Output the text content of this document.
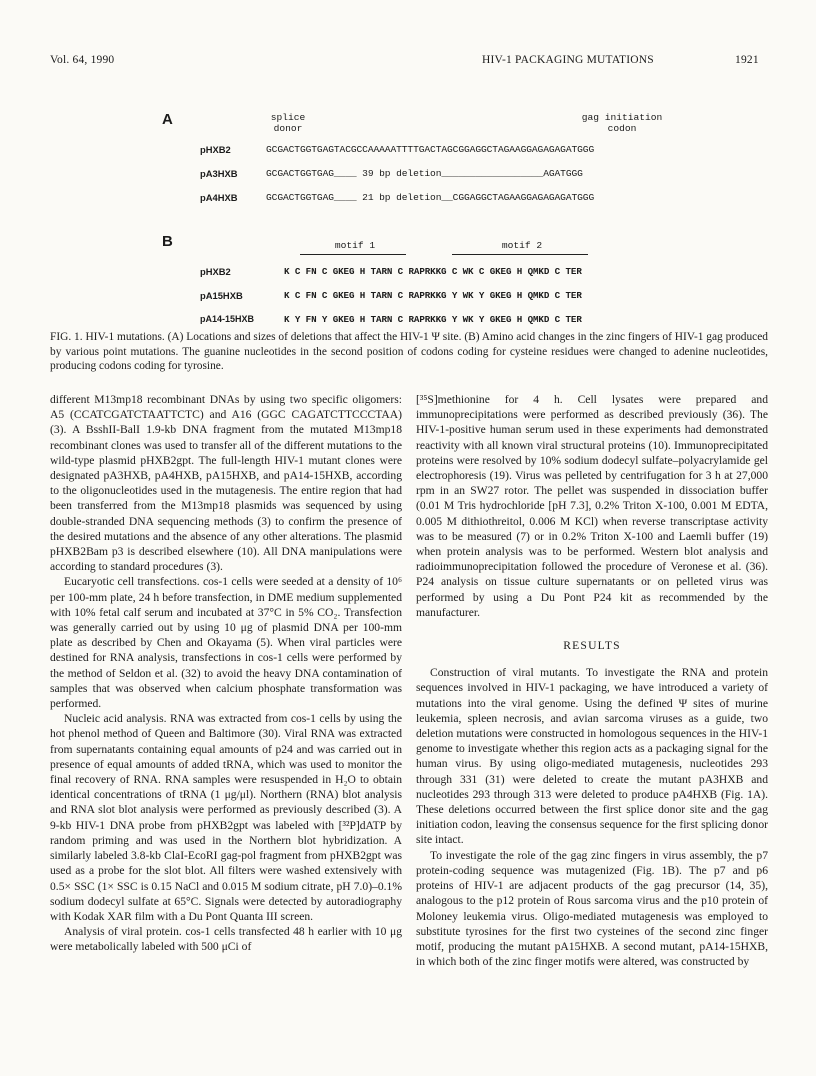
Vol. 64, 1990	HIV-1 PACKAGING MUTATIONS	1921
A	splice
donor
gag initiation
codon
pHXB2	GCGACTGGTGAGTACGCCAAAAATTTTGACTAGCGGAGGCTAGAAGGAGAGAGATGGG
pA3HXB	GCGACTGGTGAG____ 39 bp deletion__________________AGATGGG
pA4HXB	GCGACTGGTGAG____ 21 bp deletion__CGGAGGCTAGAAGGAGAGAGATGGG
B	motif 1	motif 2
pHXB2	K C FN C GKEG H TARN C RAPRKKG C WK C GKEG H QMKD C TER
pA15HXB	K C FN C GKEG H TARN C RAPRKKG Y WK Y GKEG H QMKD C TER
pA14-15HXB	K Y FN Y GKEG H TARN C RAPRKKG Y WK Y GKEG H QMKD C TER
FIG. 1. HIV-1 mutations. (A) Locations and sizes of deletions that affect the HIV-1 Ψ site. (B) Amino acid changes in the zinc fingers of HIV-1 gag produced by various point mutations. The guanine nucleotides in the second position of codons coding for cysteine residues were changed to adenine nucleotides, producing codons coding for tyrosine.

different M13mp18 recombinant DNAs by using two specific oligomers: A5 (CCATCGATCTAATTCTC) and A16 (GGC CAGATCTTCCCTAA) (3). A BsshII-BalI 1.9-kb DNA fragment from the mutated M13mp18 recombinant clones was used to transfer all of the different mutations to the wild-type plasmid pHXB2gpt. The full-length HIV-1 mutant clones were designated pA3HXB, pA4HXB, pA15HXB, and pA14-15HXB, according to the oligonucleotides used in the mutagenesis. The entire region that had been transferred from the M13mp18 plasmids was sequenced by using double-stranded DNA sequencing methods (3) to confirm the presence of the desired mutations and the absence of any other alterations. The plasmid pHXB2Bam p3 is described elsewhere (10). All DNA manipulations were according to standard procedures (3).

Eucaryotic cell transfections. cos-1 cells were seeded at a density of 10⁶ per 100-mm plate, 24 h before transfection, in DME medium supplemented with 10% fetal calf serum and incubated at 37°C in 5% CO₂. Transfection was generally carried out by using 10 μg of plasmid DNA per 100-mm plate as described by Chen and Okayama (5). When viral particles were destined for RNA analysis, transfections in cos-1 cells were performed by the method of Seldon et al. (32) to avoid the heavy DNA contamination of samples that was observed when calcium phosphate transformation was performed.

Nucleic acid analysis. RNA was extracted from cos-1 cells by using the hot phenol method of Queen and Baltimore (30). Viral RNA was extracted from supernatants containing equal amounts of p24 and was carried out in presence of equal amounts of added tRNA, which was used to monitor the final recovery of RNA. RNA samples were resuspended in H₂O to obtain identical concentrations of tRNA (1 μg/μl). Northern (RNA) blot analysis and RNA slot blot analysis were performed as previously described (3). A 9-kb HIV-1 DNA probe from pHXB2gpt was labeled with [³²P]dATP by random priming and was used in the Northern blot hybridization. A similarly labeled 3.8-kb ClaI-EcoRI gag-pol fragment from pHXB2gpt was used as a probe for the slot blot. All filters were washed extensively with 0.5× SSC (1× SSC is 0.15 NaCl and 0.015 M sodium citrate, pH 7.0)–0.1% sodium dodecyl sulfate at 65°C. Signals were detected by autoradiography with Kodak XAR film with a Du Pont Quanta III screen.

Analysis of viral protein. cos-1 cells transfected 48 h earlier with 10 μg were metabolically labeled with 500 μCi of

[³⁵S]methionine for 4 h. Cell lysates were prepared and immunoprecipitations were performed as described previously (36). The HIV-1-positive human serum used in these experiments had demonstrated reactivity with all known viral structural proteins (10). Immunoprecipitated proteins were resolved by 10% sodium dodecyl sulfate–polyacrylamide gel electrophoresis (19). Virus was pelleted by centrifugation for 3 h at 27,000 rpm in an SW27 rotor. The pellet was suspended in dissociation buffer (0.01 M Tris hydrochloride [pH 7.3], 0.2% Triton X-100, 0.001 M EDTA, 0.005 M dithiothreitol, 0.006 M KCl) when reverse transcriptase activity was to be measured (7) or in 0.2% Triton X-100 and Laemli buffer (19) when protein analysis was to be performed. Western blot analysis and radioimmunoprecipitation followed the procedure of Veronese et al. (36). P24 analysis on tissue culture supernatants or on pelleted virus was performed by using a Du Pont P24 kit as recommended by the manufacturer.

RESULTS

Construction of viral mutants. To investigate the RNA and protein sequences involved in HIV-1 packaging, we have introduced a variety of mutations into the viral genome. Using the defined Ψ sites of murine leukemia, spleen necrosis, and avian sarcoma viruses as a guide, two deletion mutations were constructed in homologous sequences in the HIV-1 genome to investigate whether this region acts as a packaging signal for the human virus. By using oligo-mediated mutagenesis, nucleotides 293 through 331 (31) were deleted to create the mutant pA3HXB and nucleotides 293 through 313 were deleted to produce pA4HXB (Fig. 1A). These deletions occurred between the first splice donor site and the gag initiation codon, leaving the consensus sequence for the first splicing donor site intact.

To investigate the role of the gag zinc fingers in virus assembly, the p7 protein-coding sequence was mutagenized (Fig. 1B). The p7 and p6 proteins of HIV-1 are adjacent products of the gag precursor (14, 35), analogous to the p12 protein of Rous sarcoma virus and the p10 protein of Moloney leukemia virus. Oligo-mediated mutagenesis was employed to substitute tyrosines for the first two cysteines of the second zinc finger motif, producing the mutant pA15HXB. A second mutant, pA14-15HXB, in which both of the zinc finger motifs were altered, was constructed by
